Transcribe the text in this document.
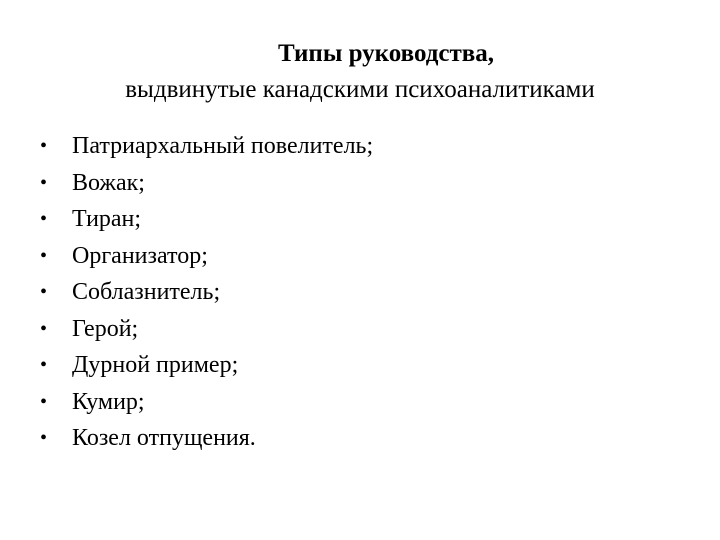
Типы руководства,
выдвинутые канадскими психоаналитиками
•	Патриархальный повелитель;
•	Вожак;
•	Тиран;
•	Организатор;
•	Соблазнитель;
•	Герой;
•	Дурной пример;
•	Кумир;
•	Козел отпущения.
